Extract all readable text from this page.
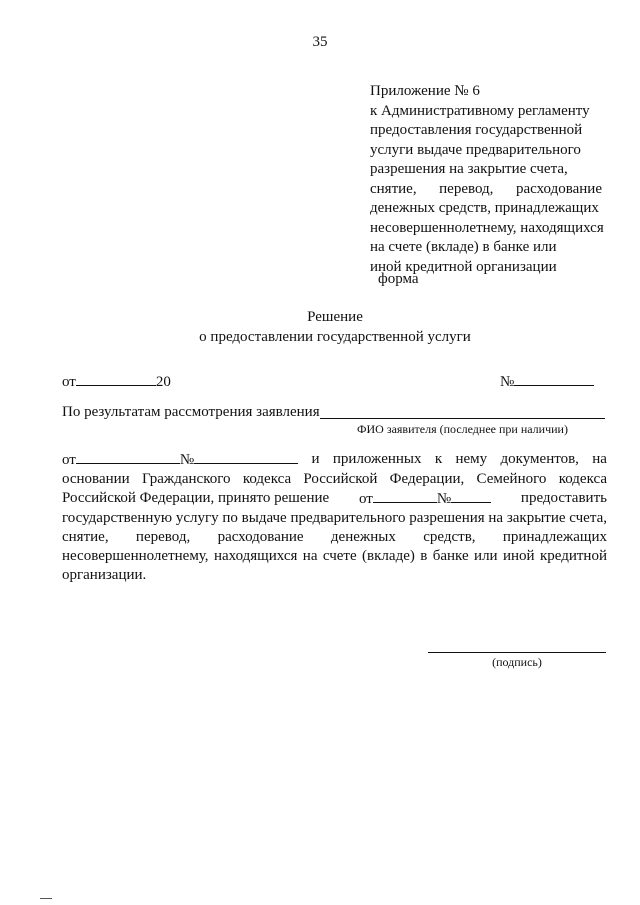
35
Приложение № 6
к Административному регламенту
предоставления государственной
услуги выдаче предварительного
разрешения на закрытие счета,
снятие, перевод, расходование
денежных средств, принадлежащих
несовершеннолетнему, находящихся
на счете (вкладе) в банке или
иной кредитной организации
форма
Решение
о предоставлении государственной услуги
от	20	№
По результатам рассмотрения заявления
ФИО заявителя (последнее при наличии)
от	№	и приложенных к нему документов, на
основании Гражданского кодекса Российской Федерации, Семейного кодекса
Российской Федерации, принято решение от	№	предоставить
государственную услугу по выдаче предварительного разрешения на закрытие счета,
снятие, перевод, расходование денежных средств, принадлежащих
несовершеннолетнему, находящихся на счете (вкладе) в банке или иной кредитной
организации.
(подпись)
